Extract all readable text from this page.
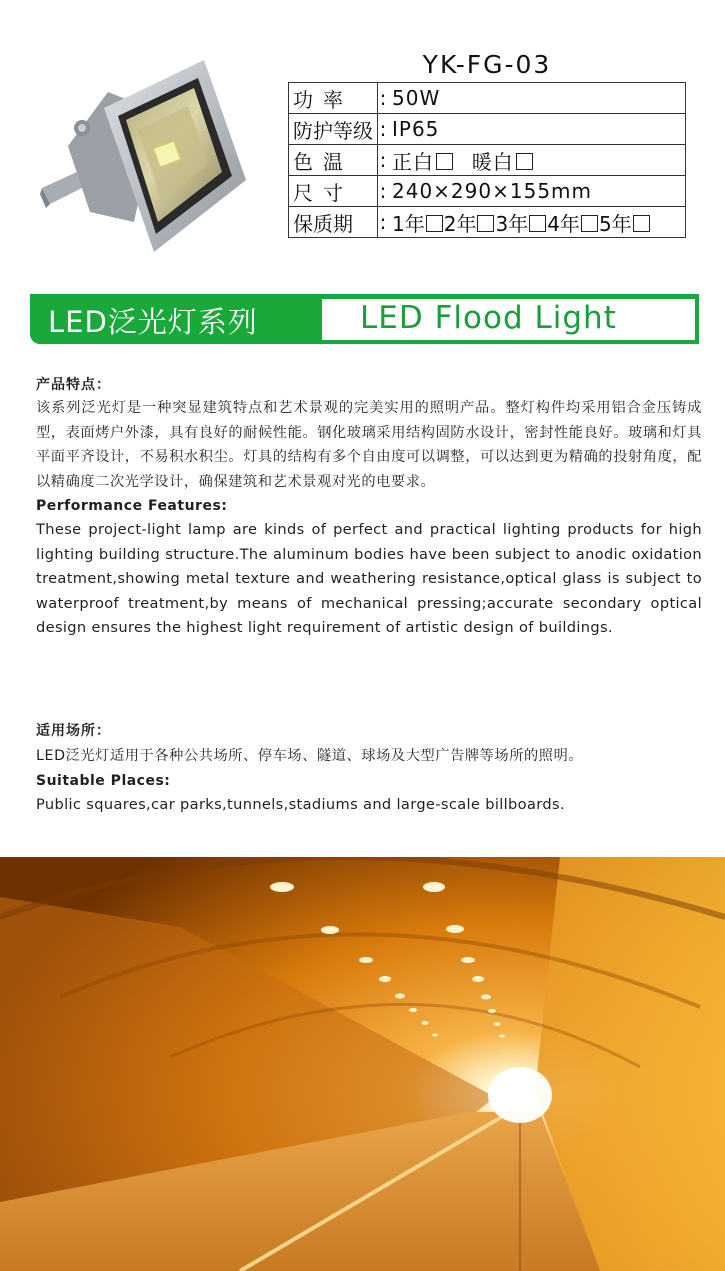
YK-FG-03
功率	:	50W
防护等级	:	IP65
色温	:	正白 暖白
尺寸	:	240×290×155mm
保质期	:	1年 2年 3年 4年 5年
LED泛光灯系列	LED Flood Light
产品特点：
该系列泛光灯是一种突显建筑特点和艺术景观的完美实用的照明产品。整灯构件均采用铝合金压铸成型，表面烤户外漆，具有良好的耐候性能。钢化玻璃采用结构固防水设计，密封性能良好。玻璃和灯具平面平齐设计，不易积水积尘。灯具的结构有多个自由度可以调整，可以达到更为精确的投射角度，配以精确度二次光学设计，确保建筑和艺术景观对光的电要求。
Performance Features:
These project-light lamp are kinds of perfect and practical lighting products for high lighting building structure.The aluminum bodies have been subject to anodic oxidation treatment,showing metal texture and weathering resistance,optical glass is subject to waterproof treatment,by means of mechanical pressing;accurate secondary optical design ensures the highest light requirement of artistic design of buildings.
适用场所：
LED泛光灯适用于各种公共场所、停车场、隧道、球场及大型广告牌等场所的照明。
Suitable Places:
Public squares,car parks,tunnels,stadiums and large-scale billboards.
